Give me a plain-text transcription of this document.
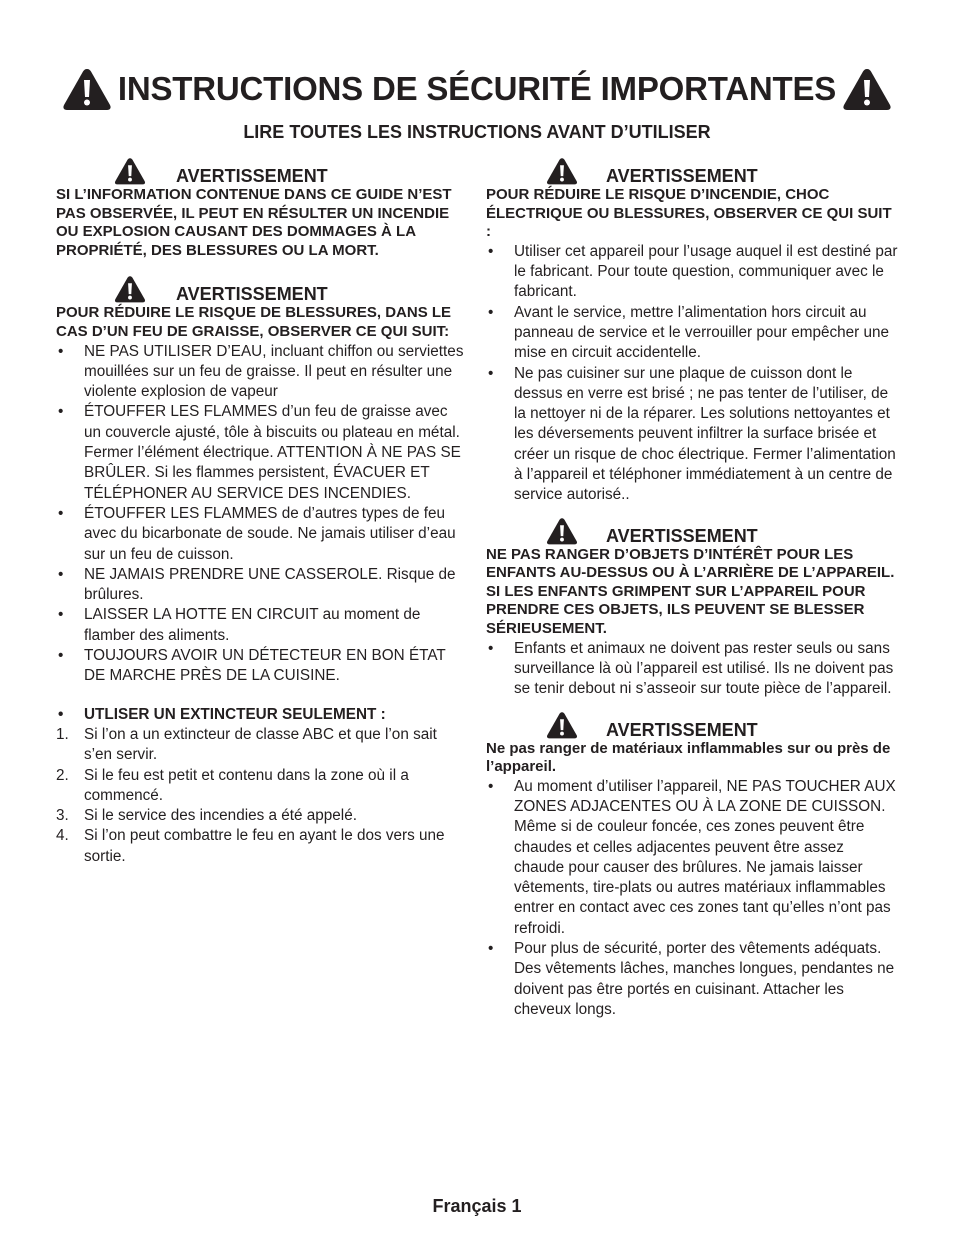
INSTRUCTIONS DE SÉCURITÉ IMPORTANTES
LIRE TOUTES LES INSTRUCTIONS AVANT D’UTILISER
AVERTISSEMENT
SI L’INFORMATION CONTENUE DANS CE GUIDE N’EST PAS OBSERVÉE, IL PEUT EN RÉSULTER UN INCENDIE OU EXPLOSION CAUSANT DES DOMMAGES À LA PROPRIÉTÉ, DES BLESSURES OU LA MORT.
AVERTISSEMENT
POUR RÉDUIRE LE RISQUE DE BLESSURES, DANS LE CAS D’UN FEU DE GRAISSE, OBSERVER CE QUI SUIT:
• NE PAS UTILISER D’EAU, incluant chiffon ou serviettes mouillées sur un feu de graisse. Il peut en résulter une violente explosion de vapeur
• ÉTOUFFER LES FLAMMES d’un feu de graisse avec un couvercle ajusté, tôle à biscuits ou plateau en métal. Fermer l’élément électrique. ATTENTION À NE PAS SE BRÛLER. Si les flammes persistent, ÉVACUER ET TÉLÉPHONER AU SERVICE DES INCENDIES.
• ÉTOUFFER LES FLAMMES de d’autres types de feu avec du bicarbonate de soude. Ne jamais utiliser d’eau sur un feu de cuisson.
• NE JAMAIS PRENDRE UNE CASSEROLE. Risque de brûlures.
• LAISSER LA HOTTE EN CIRCUIT au moment de flamber des aliments.
• TOUJOURS AVOIR UN DÉTECTEUR EN BON ÉTAT DE MARCHE PRÈS DE LA CUISINE.
• UTLISER UN EXTINCTEUR SEULEMENT :
1. Si l’on a un extincteur de classe ABC et que l’on sait s’en servir.
2. Si le feu est petit et contenu dans la zone où il a commencé.
3. Si le service des incendies a été appelé.
4. Si l’on peut combattre le feu en ayant le dos vers une sortie.
AVERTISSEMENT
POUR RÉDUIRE LE RISQUE D’INCENDIE, CHOC ÉLECTRIQUE OU BLESSURES, OBSERVER CE QUI SUIT :
• Utiliser cet appareil pour l’usage auquel il est destiné par le fabricant. Pour toute question, communiquer avec le fabricant.
• Avant le service, mettre l’alimentation hors circuit au panneau de service et le verrouiller pour empêcher une mise en circuit accidentelle.
• Ne pas cuisiner sur une plaque de cuisson dont le dessus en verre est brisé ; ne pas tenter de l’utiliser, de la nettoyer ni de la réparer. Les solutions nettoyantes et les déversements peuvent infiltrer la surface brisée et créer un risque de choc électrique. Fermer l’alimentation à l’appareil et téléphoner immédiatement à un centre de service autorisé..
AVERTISSEMENT
NE PAS RANGER D’OBJETS D’INTÉRÊT POUR LES ENFANTS AU-DESSUS OU À L’ARRIÈRE DE L’APPAREIL. SI LES ENFANTS GRIMPENT SUR L’APPAREIL POUR PRENDRE CES OBJETS, ILS PEUVENT SE BLESSER SÉRIEUSEMENT.
• Enfants et animaux ne doivent pas rester seuls ou sans surveillance là où l’appareil est utilisé. Ils ne doivent pas se tenir debout ni s’asseoir sur toute pièce de l’appareil.
AVERTISSEMENT
Ne pas ranger de matériaux inflammables sur ou près de l’appareil.
• Au moment d’utiliser l’appareil, NE PAS TOUCHER AUX ZONES ADJACENTES OU À LA ZONE DE CUISSON. Même si de couleur foncée, ces zones peuvent être chaudes et celles adjacentes peuvent être assez chaude pour causer des brûlures. Ne jamais laisser vêtements, tire-plats ou autres matériaux inflammables entrer en contact avec ces zones tant qu’elles n’ont pas refroidi.
• Pour plus de sécurité, porter des vêtements adéquats. Des vêtements lâches, manches longues, pendantes ne doivent pas être portés en cuisinant. Attacher les cheveux longs.
Français 1
